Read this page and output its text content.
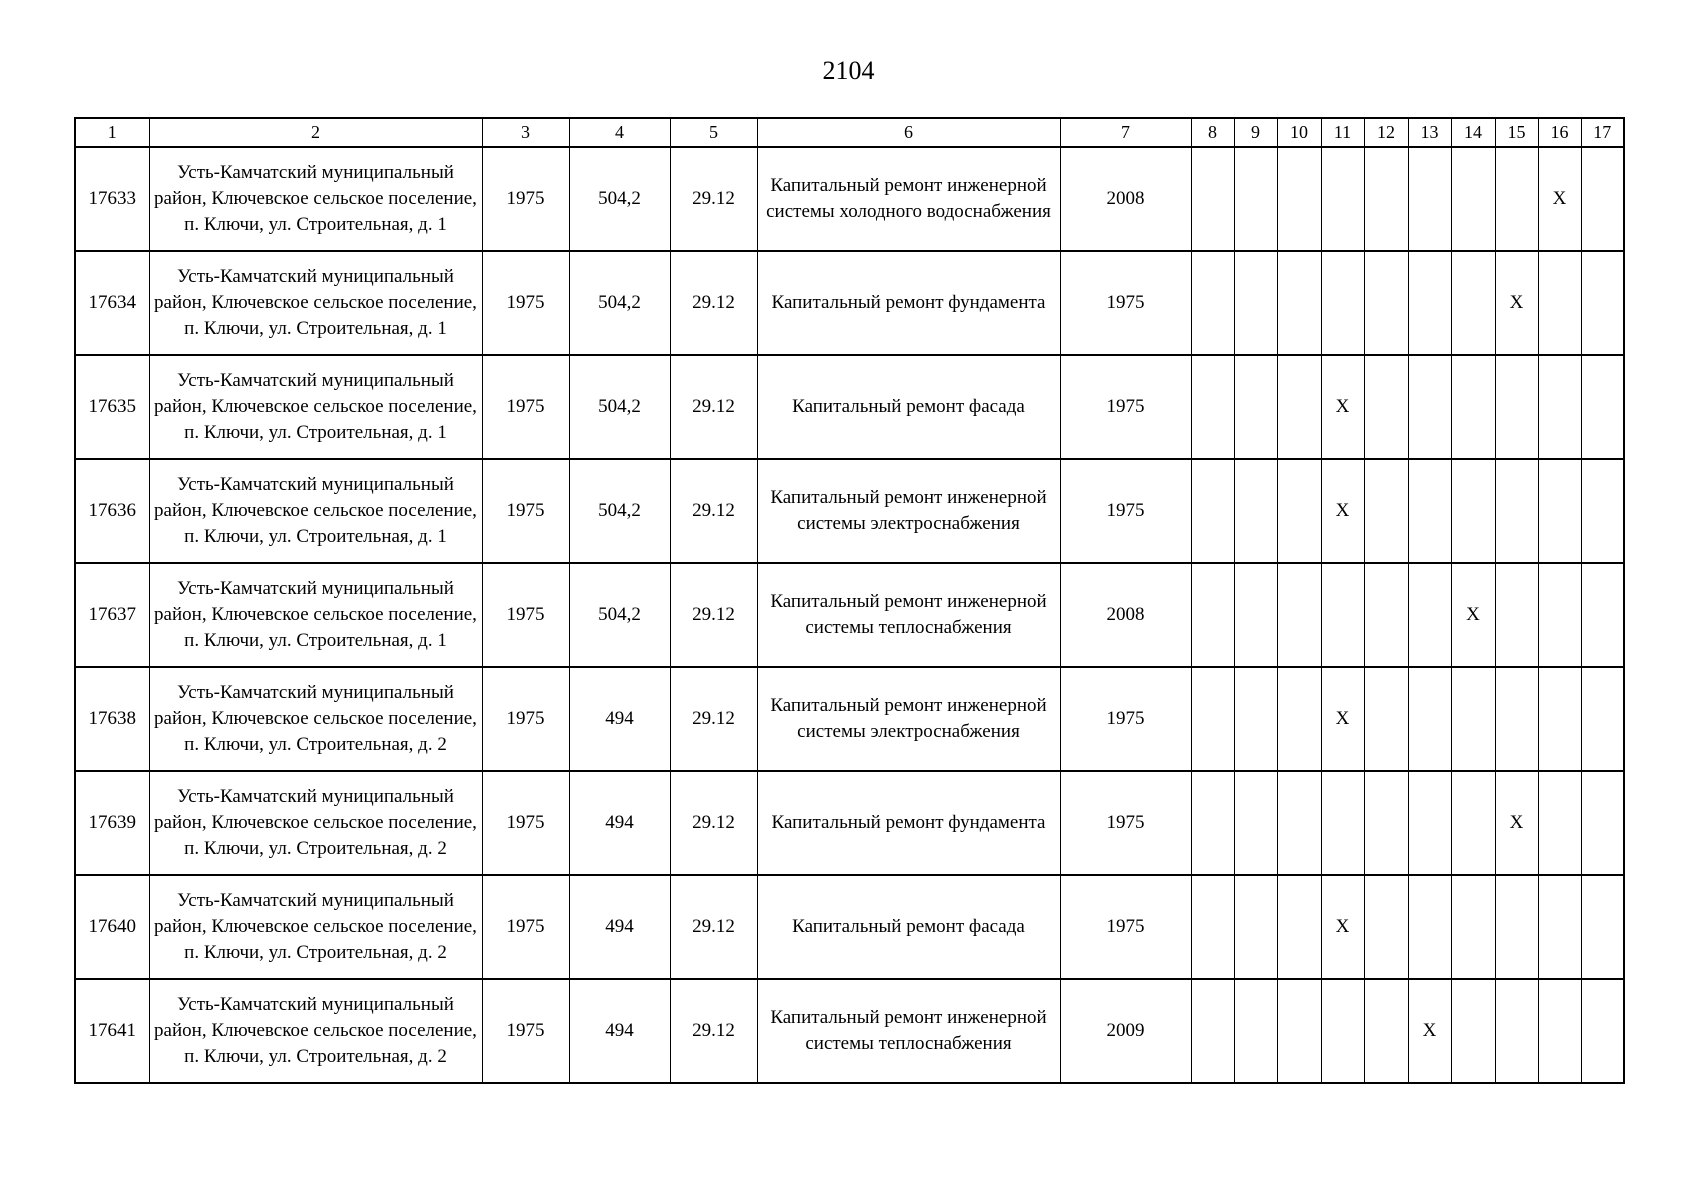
2104
1	2	3	4	5	6	7	8	9	10	11	12	13	14	15	16	17
17633	Усть-Камчатский муниципальный район, Ключевское сельское поселение, п. Ключи, ул. Строительная, д. 1	1975	504,2	29.12	Капитальный ремонт инженерной системы холодного водоснабжения	2008									X	
17634	Усть-Камчатский муниципальный район, Ключевское сельское поселение, п. Ключи, ул. Строительная, д. 1	1975	504,2	29.12	Капитальный ремонт фундамента	1975								X		
17635	Усть-Камчатский муниципальный район, Ключевское сельское поселение, п. Ключи, ул. Строительная, д. 1	1975	504,2	29.12	Капитальный ремонт фасада	1975				X						
17636	Усть-Камчатский муниципальный район, Ключевское сельское поселение, п. Ключи, ул. Строительная, д. 1	1975	504,2	29.12	Капитальный ремонт инженерной системы электроснабжения	1975				X						
17637	Усть-Камчатский муниципальный район, Ключевское сельское поселение, п. Ключи, ул. Строительная, д. 1	1975	504,2	29.12	Капитальный ремонт инженерной системы теплоснабжения	2008							X			
17638	Усть-Камчатский муниципальный район, Ключевское сельское поселение, п. Ключи, ул. Строительная, д. 2	1975	494	29.12	Капитальный ремонт инженерной системы электроснабжения	1975				X						
17639	Усть-Камчатский муниципальный район, Ключевское сельское поселение, п. Ключи, ул. Строительная, д. 2	1975	494	29.12	Капитальный ремонт фундамента	1975								X		
17640	Усть-Камчатский муниципальный район, Ключевское сельское поселение, п. Ключи, ул. Строительная, д. 2	1975	494	29.12	Капитальный ремонт фасада	1975				X						
17641	Усть-Камчатский муниципальный район, Ключевское сельское поселение, п. Ключи, ул. Строительная, д. 2	1975	494	29.12	Капитальный ремонт инженерной системы теплоснабжения	2009						X				
